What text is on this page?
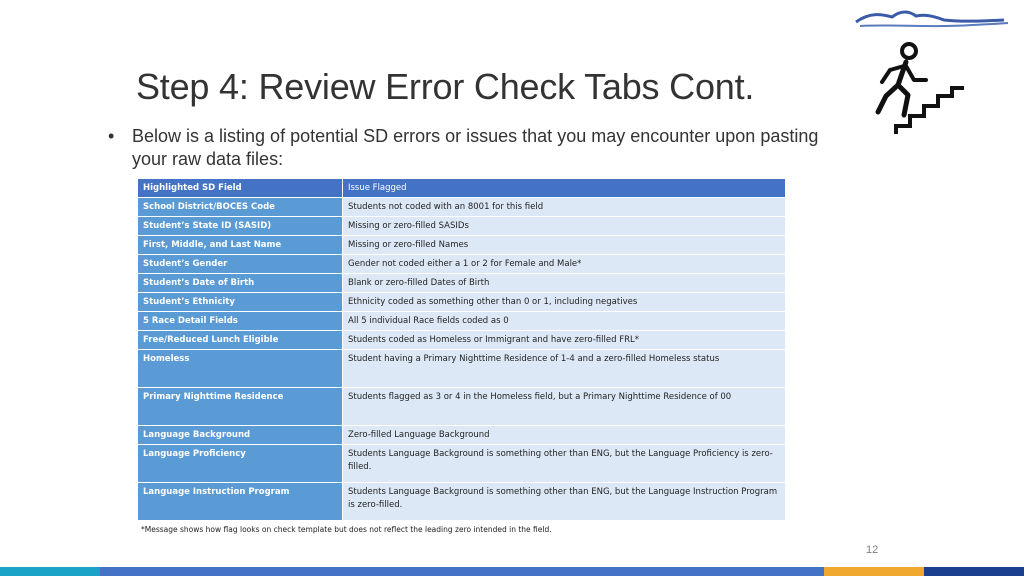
Step 4: Review Error Check Tabs Cont.
• Below is a listing of potential SD errors or issues that you may encounter upon pasting your raw data files:
Highlighted SD Field	Issue Flagged
School District/BOCES Code	Students not coded with an 8001 for this field
Student’s State ID (SASID)	Missing or zero-filled SASIDs
First, Middle, and Last Name	Missing or zero-filled Names
Student’s Gender	Gender not coded either a 1 or 2 for Female and Male*
Student’s Date of Birth	Blank or zero-filled Dates of Birth
Student’s Ethnicity	Ethnicity coded as something other than 0 or 1, including negatives
5 Race Detail Fields	All 5 individual Race fields coded as 0
Free/Reduced Lunch Eligible	Students coded as Homeless or Immigrant and have zero-filled FRL*
Homeless	Student having a Primary Nighttime Residence of 1-4 and a zero-filled Homeless status
Primary Nighttime Residence	Students flagged as 3 or 4 in the Homeless field, but a Primary Nighttime Residence of 00
Language Background	Zero-filled Language Background
Language Proficiency	Students Language Background is something other than ENG, but the Language Proficiency is zero-filled.
Language Instruction Program	Students Language Background is something other than ENG, but the Language Instruction Program is zero-filled.
*Message shows how flag looks on check template but does not reflect the leading zero intended in the field.
12
